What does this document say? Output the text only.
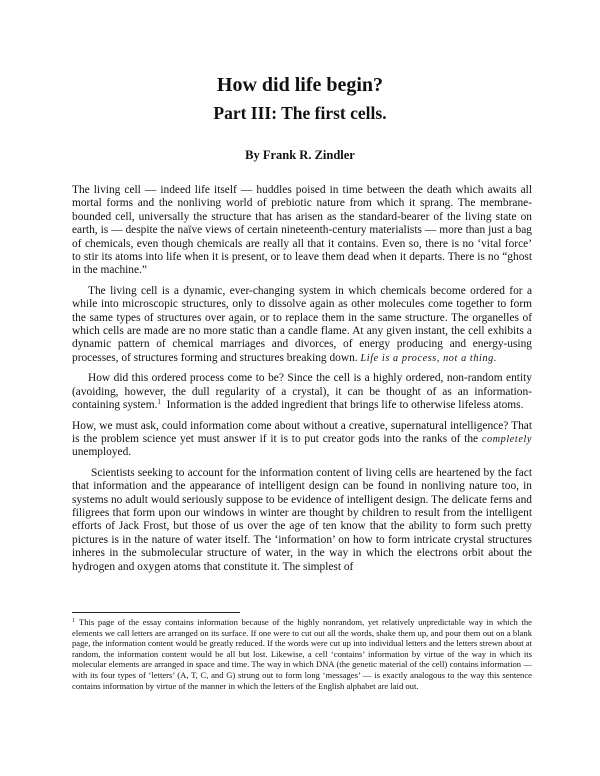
How did life begin?
Part III: The first cells.
By Frank R. Zindler

The living cell — indeed life itself — huddles poised in time between the death which awaits all mortal forms and the nonliving world of prebiotic nature from which it sprang. The membrane-bounded cell, universally the structure that has arisen as the standard-bearer of the living state on earth, is — despite the naïve views of certain nineteenth-century materialists — more than just a bag of chemicals, even though chemicals are really all that it contains. Even so, there is no ‘vital force’ to stir its atoms into life when it is present, or to leave them dead when it departs. There is no “ghost in the machine.”

The living cell is a dynamic, ever-changing system in which chemicals become ordered for a while into microscopic structures, only to dissolve again as other molecules come together to form the same types of structures over again, or to replace them in the same structure. The organelles of which cells are made are no more static than a candle flame. At any given instant, the cell exhibits a dynamic pattern of chemical marriages and divorces, of energy producing and energy-using processes, of structures forming and structures breaking down. Life is a process, not a thing.

How did this ordered process come to be? Since the cell is a highly ordered, non-random entity (avoiding, however, the dull regularity of a crystal), it can be thought of as an information-containing system.$^1$ Information is the added ingredient that brings life to otherwise lifeless atoms.

How, we must ask, could information come about without a creative, supernatural intelligence? That is the problem science yet must answer if it is to put creator gods into the ranks of the completely unemployed.

Scientists seeking to account for the information content of living cells are heartened by the fact that information and the appearance of intelligent design can be found in nonliving nature too, in systems no adult would seriously suppose to be evidence of intelligent design. The delicate ferns and filigrees that form upon our windows in winter are thought by children to result from the intelligent efforts of Jack Frost, but those of us over the age of ten know that the ability to form such pretty pictures is in the nature of water itself. The ‘information’ on how to form intricate crystal structures inheres in the submolecular structure of water, in the way in which the electrons orbit about the hydrogen and oxygen atoms that constitute it. The simplest of

$^1$ This page of the essay contains information because of the highly nonrandom, yet relatively unpredictable way in which the elements we call letters are arranged on its surface. If one were to cut out all the words, shake them up, and pour them out on a blank page, the information content would be greatly reduced. If the words were cut up into individual letters and the letters strewn about at random, the information content would be all but lost. Likewise, a cell ‘contains’ information by virtue of the way in which its molecular elements are arranged in space and time. The way in which DNA (the genetic material of the cell) contains information — with its four types of ‘letters’ (A, T, C, and G) strung out to form long ‘messages’ — is exactly analogous to the way this sentence contains information by virtue of the manner in which the letters of the English alphabet are laid out.
